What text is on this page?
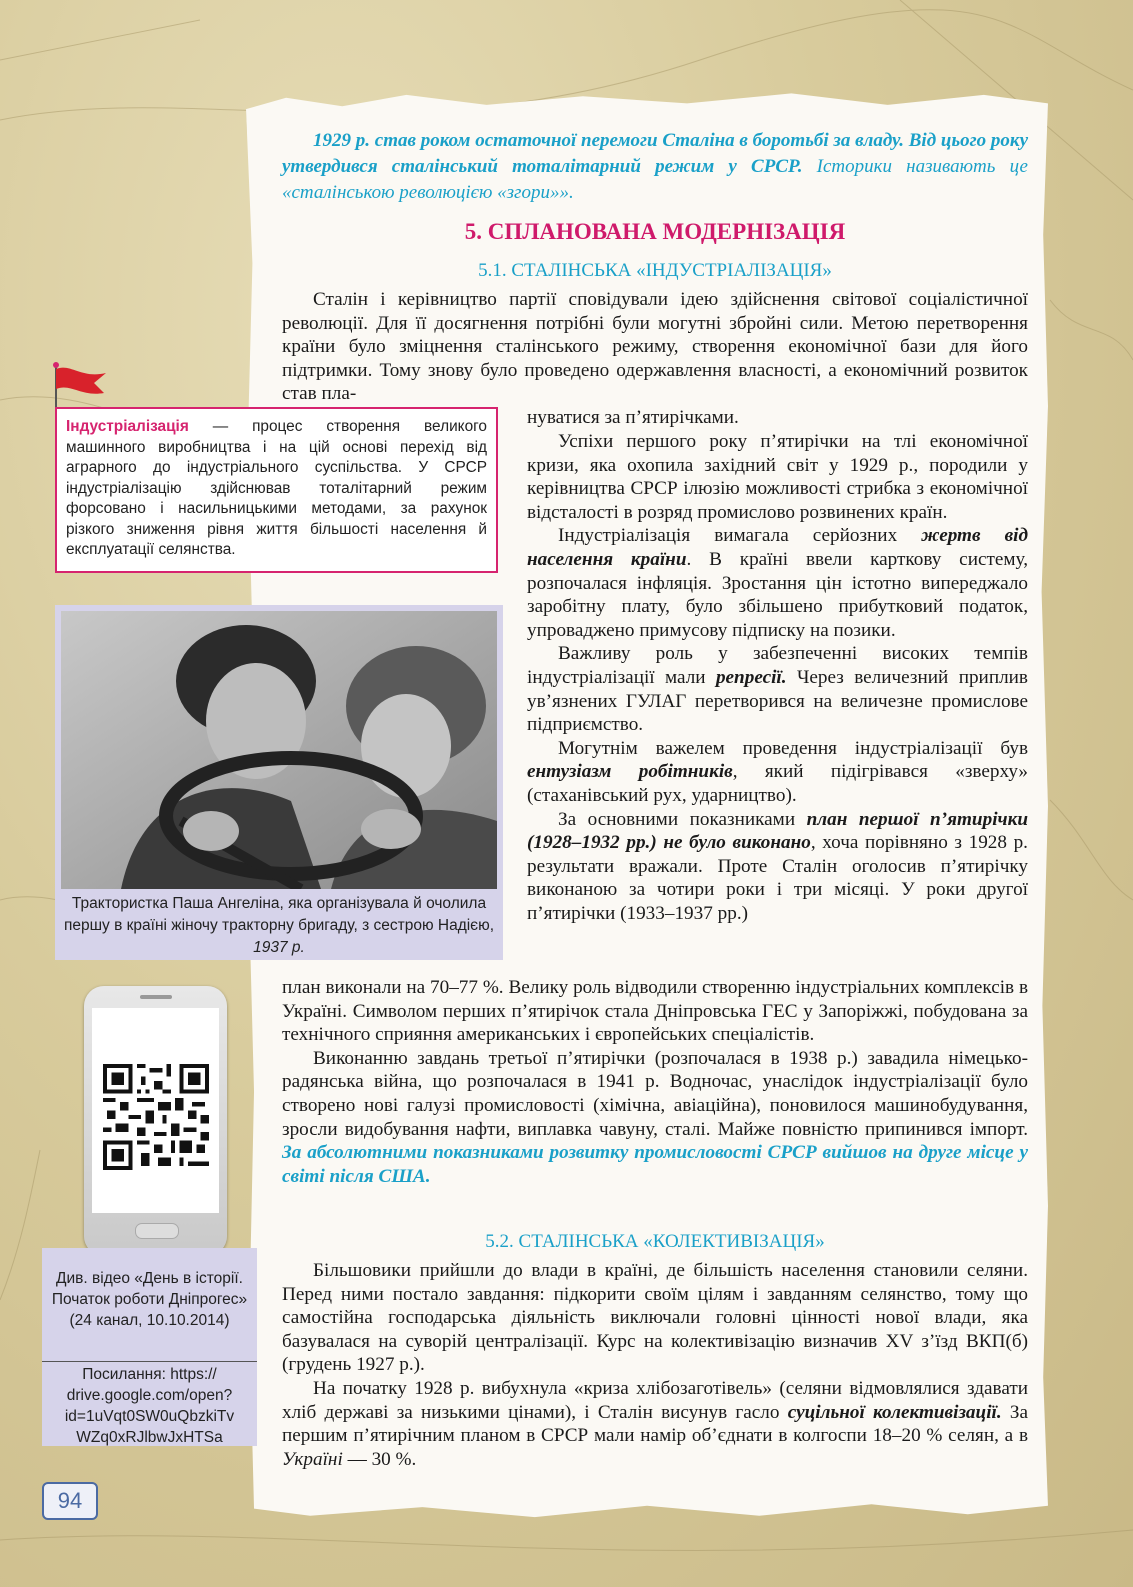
1929 р. став роком остаточної перемоги Сталіна в боротьбі за владу. Від цього року утвердився сталінський тоталітарний режим у СРСР. Історики називають це «сталінською революцією «згори»».

5. СПЛАНОВАНА МОДЕРНІЗАЦІЯ
5.1. СТАЛІНСЬКА «ІНДУСТРІАЛІЗАЦІЯ»

Сталін і керівництво партії сповідували ідею здійснення світової соціалістичної революції. Для її досягнення потрібні були могутні збройні сили. Метою перетворення країни було зміцнення сталінського режиму, створення економічної бази для його підтримки. Тому знову було проведено одержавлення власності, а економічний розвиток став пла-

нуватися за п’ятирічками.

Успіхи першого року п’ятирічки на тлі економічної кризи, яка охопила західний світ у 1929 р., породили у керівництва СРСР ілюзію можливості стрибка з економічної відсталості в розряд промислово розвинених країн.

Індустріалізація вимагала серйозних жертв від населення країни. В країні ввели карткову систему, розпочалася інфляція. Зростання цін істотно випереджало заробітну плату, було збільшено прибутковий податок, упроваджено примусову підписку на позики.

Важливу роль у забезпеченні високих темпів індустріалізації мали репресії. Через величезний приплив ув’язнених ГУЛАГ перетворився на величезне промислове підприємство.

Могутнім важелем проведення індустріалізації був ентузіазм робітників, який підігрівався «зверху» (стаханівський рух, ударництво).

За основними показниками план першої п’ятирічки (1928–1932 рр.) не було виконано, хоча порівняно з 1928 р. результати вражали. Проте Сталін оголосив п’ятирічку виконаною за чотири роки і три місяці. У роки другої п’ятирічки (1933–1937 рр.)

план виконали на 70–77 %. Велику роль відводили створенню індустріальних комплексів в Україні. Символом перших п’ятирічок стала Дніпровська ГЕС у Запоріжжі, побудована за технічного сприяння американських і європейських спеціалістів.

Виконанню завдань третьої п’ятирічки (розпочалася в 1938 р.) завадила німецько-радянська війна, що розпочалася в 1941 р. Водночас, унаслідок індустріалізації було створено нові галузі промисловості (хімічна, авіаційна), поновилося машинобудування, зросли видобування нафти, виплавка чавуну, сталі. Майже повністю припинився імпорт. За абсолютними показниками розвитку промисловості СРСР вийшов на друге місце у світі після США.

5.2. СТАЛІНСЬКА «КОЛЕКТИВІЗАЦІЯ»

Більшовики прийшли до влади в країні, де більшість населення становили селяни. Перед ними постало завдання: підкорити своїм цілям і завданням селянство, тому що самостійна господарська діяльність виключали головні цінності нової влади, яка базувалася на суворій централізації. Курс на колективізацію визначив XV з’їзд ВКП(б) (грудень 1927 р.).

На початку 1928 р. вибухнула «криза хлібозаготівель» (селяни відмовлялися здавати хліб державі за низькими цінами), і Сталін висунув гасло суцільної колективізації. За першим п’ятирічним планом в СРСР мали намір об’єднати в колгоспи 18–20 % селян, а в Україні — 30 %.

Індустріалізація — процес створення великого машинного виробництва і на цій основі перехід від аграрного до індустріального суспільства. У СРСР індустріалізацію здійснював тоталітарний режим форсовано і насильницькими методами, за рахунок різкого зниження рівня життя більшості населення й експлуатації селянства.
Трактористка Паша Ангеліна, яка організувала й очолила першу в країні жіночу тракторну бригаду, з сестрою Надією, 1937 р.
Див. відео «День в історії. Початок роботи Дніпрогес» (24 канал, 10.10.2014)
Посилання: https:// drive.google.com/open? id=1uVqt0SW0uQbzkiTv WZq0xRJlbwJxHTSa
94
